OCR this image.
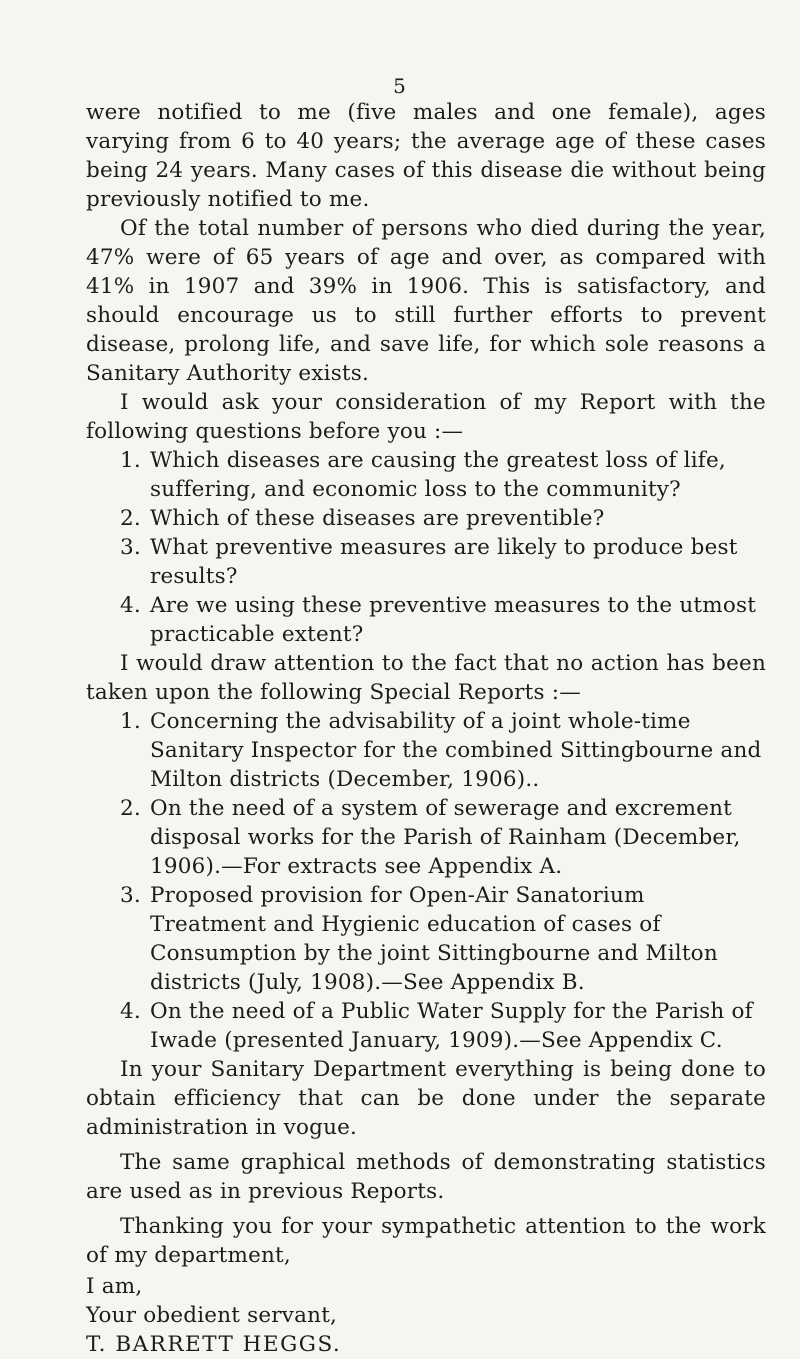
5

were notified to me (five males and one female), ages varying from 6 to 40 years; the average age of these cases being 24 years. Many cases of this disease die without being previously notified to me.

Of the total number of persons who died during the year, 47% were of 65 years of age and over, as compared with 41% in 1907 and 39% in 1906. This is satisfactory, and should encourage us to still further efforts to prevent disease, prolong life, and save life, for which sole reasons a Sanitary Authority exists.

I would ask your consideration of my Report with the following questions before you :—

1. Which diseases are causing the greatest loss of life, suffering, and economic loss to the community?
2. Which of these diseases are preventible?
3. What preventive measures are likely to produce best results?
4. Are we using these preventive measures to the utmost practicable extent?

I would draw attention to the fact that no action has been taken upon the following Special Reports :—

1. Concerning the advisability of a joint whole-time Sanitary Inspector for the combined Sittingbourne and Milton districts (December, 1906)..
2. On the need of a system of sewerage and excrement disposal works for the Parish of Rainham (December, 1906).—For extracts see Appendix A.
3. Proposed provision for Open-Air Sanatorium Treatment and Hygienic education of cases of Consumption by the joint Sittingbourne and Milton districts (July, 1908).—See Appendix B.
4. On the need of a Public Water Supply for the Parish of Iwade (presented January, 1909).—See Appendix C.

In your Sanitary Department everything is being done to obtain efficiency that can be done under the separate administration in vogue.

The same graphical methods of demonstrating statistics are used as in previous Reports.

Thanking you for your sympathetic attention to the work of my department,

I am,

Your obedient servant,

T. BARRETT HEGGS.
